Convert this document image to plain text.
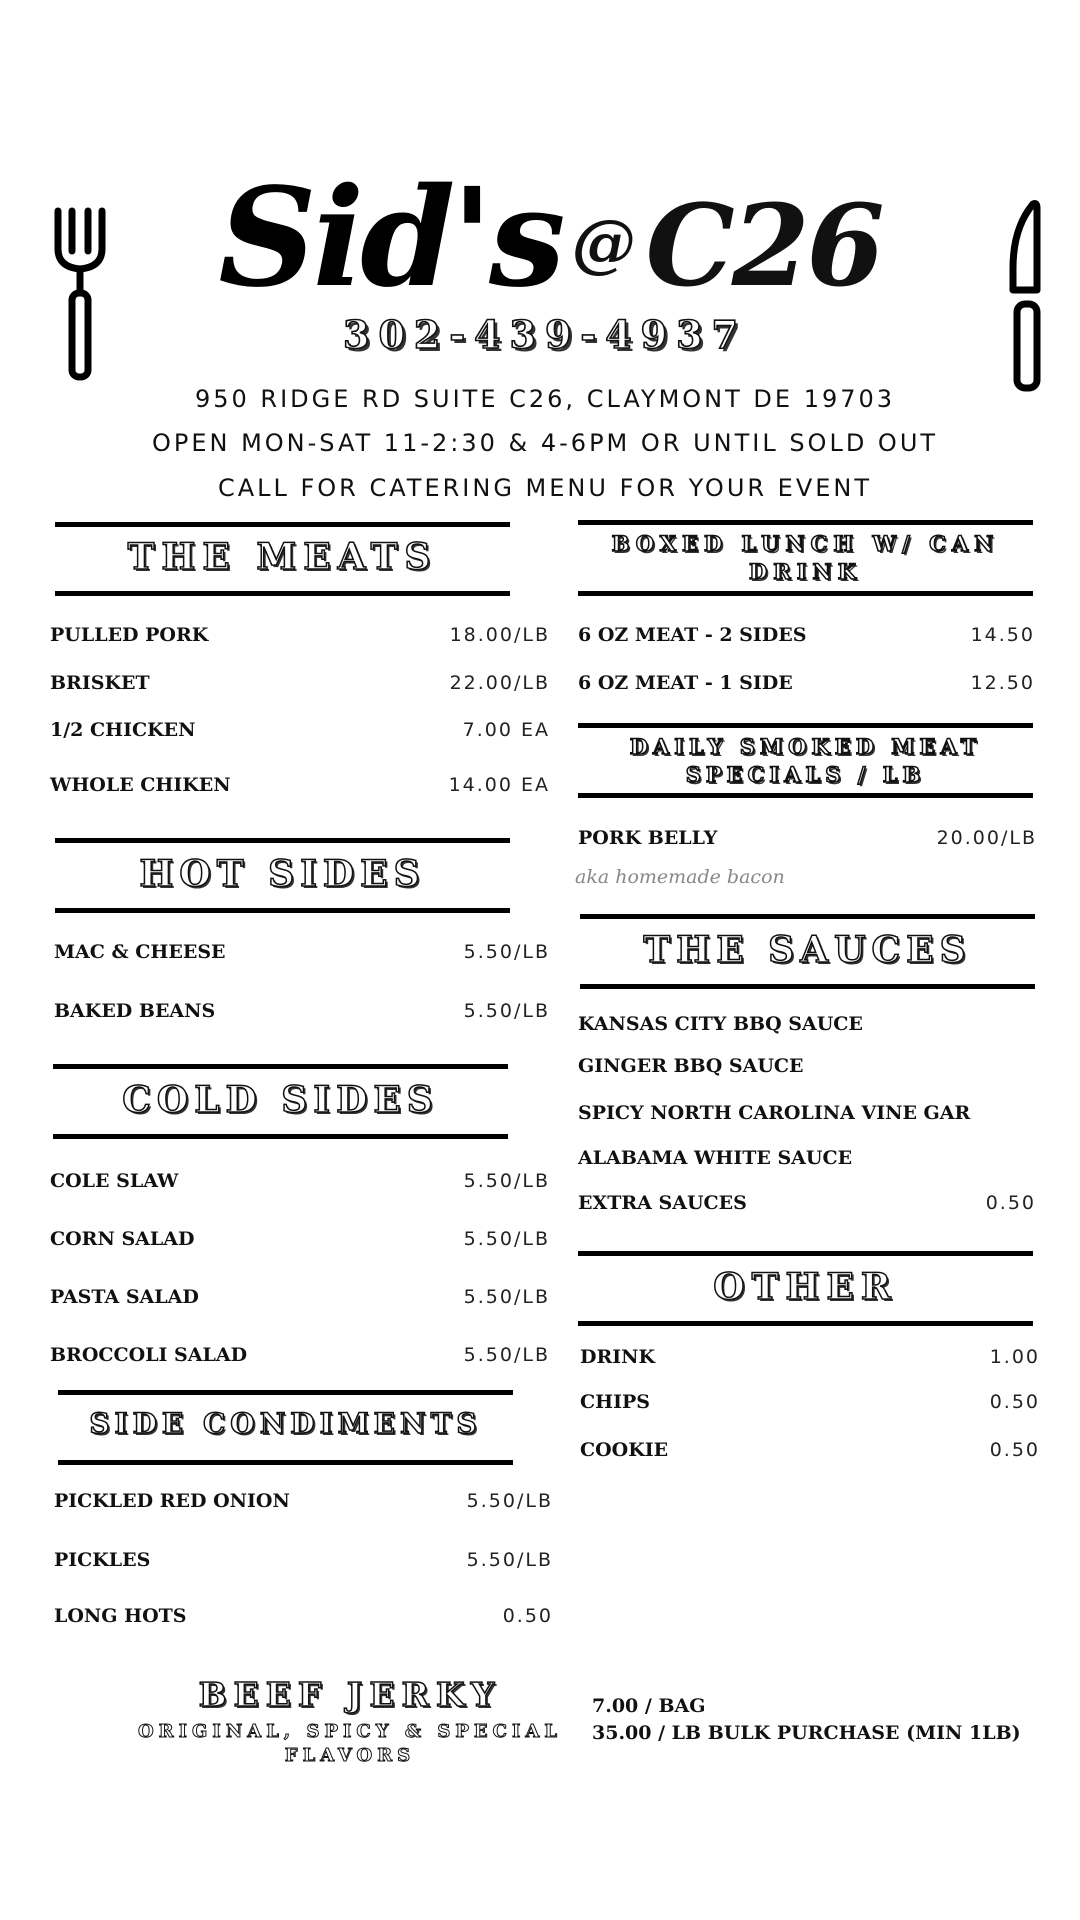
Sid's @C26
302-439-4937
950 RIDGE RD SUITE C26, CLAYMONT DE 19703
OPEN MON-SAT 11-2:30 & 4-6PM OR UNTIL SOLD OUT
CALL FOR CATERING MENU FOR YOUR EVENT
THE MEATS
PULLED PORK	18.00/LB
BRISKET	22.00/LB
1/2 CHICKEN	7.00 EA
WHOLE CHIKEN	14.00 EA
HOT SIDES
MAC & CHEESE	5.50/LB
BAKED BEANS	5.50/LB
COLD SIDES
COLE SLAW	5.50/LB
CORN SALAD	5.50/LB
PASTA SALAD	5.50/LB
BROCCOLI SALAD	5.50/LB
SIDE CONDIMENTS
PICKLED RED ONION	5.50/LB
PICKLES	5.50/LB
LONG HOTS	0.50
BOXED LUNCH W/ CAN DRINK
6 OZ MEAT - 2 SIDES	14.50
6 OZ MEAT - 1 SIDE	12.50
DAILY SMOKED MEAT SPECIALS / LB
PORK BELLY	20.00/LB
aka homemade bacon
THE SAUCES
KANSAS CITY BBQ SAUCE
GINGER BBQ SAUCE
SPICY NORTH CAROLINA VINE GAR
ALABAMA WHITE SAUCE
EXTRA SAUCES	0.50
OTHER
DRINK	1.00
CHIPS	0.50
COOKIE	0.50
BEEF JERKY
ORIGINAL, SPICY & SPECIAL FLAVORS
7.00 / BAG
35.00 / LB BULK PURCHASE (MIN 1LB)
